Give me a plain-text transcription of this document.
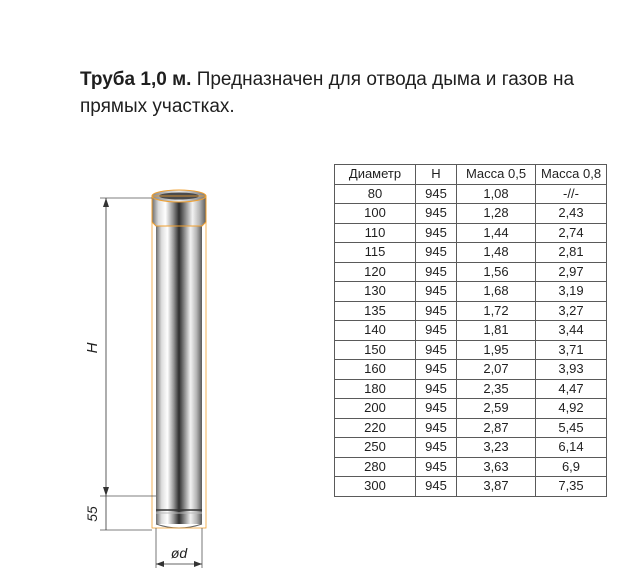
Труба 1,0 м. Предназначен для отвода дыма и газов на прямых участках.
H
55
ød
Диаметр	H	Масса 0,5	Масса 0,8
80	945	1,08	-//-
100	945	1,28	2,43
110	945	1,44	2,74
115	945	1,48	2,81
120	945	1,56	2,97
130	945	1,68	3,19
135	945	1,72	3,27
140	945	1,81	3,44
150	945	1,95	3,71
160	945	2,07	3,93
180	945	2,35	4,47
200	945	2,59	4,92
220	945	2,87	5,45
250	945	3,23	6,14
280	945	3,63	6,9
300	945	3,87	7,35
